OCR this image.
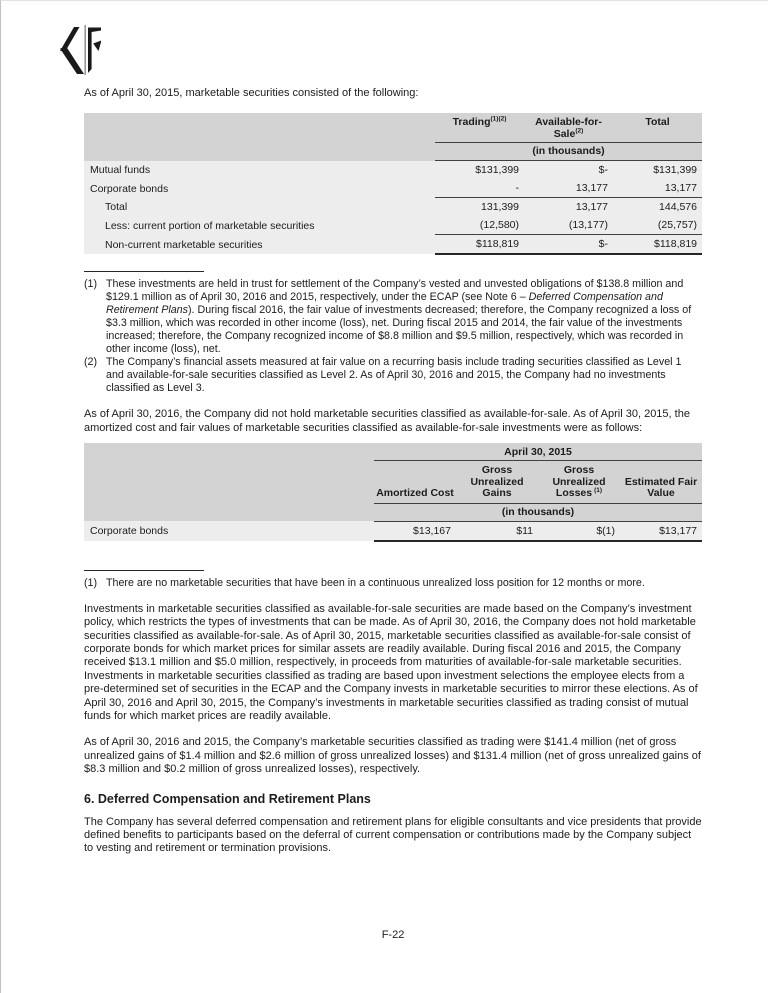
As of April 30, 2015, marketable securities consisted of the following:

	Trading$^{(1)(2)}$	Available-for-Sale$^{(2)}$	Total
	(in thousands)		
Mutual funds	$131,399	$-	$131,399
Corporate bonds	-	13,177	13,177
Total	131,399	13,177	144,576
Less: current portion of marketable securities	(12,580)	(13,177)	(25,757)
Non-current marketable securities	$118,819	$-	$118,819
(1) These investments are held in trust for settlement of the Company’s vested and unvested obligations of $138.8 million and $129.1 million as of April 30, 2016 and 2015, respectively, under the ECAP (see Note 6 – Deferred Compensation and Retirement Plans). During fiscal 2016, the fair value of investments decreased; therefore, the Company recognized a loss of $3.3 million, which was recorded in other income (loss), net. During fiscal 2015 and 2014, the fair value of the investments increased; therefore, the Company recognized income of $8.8 million and $9.5 million, respectively, which was recorded in other income (loss), net.
(2) The Company’s financial assets measured at fair value on a recurring basis include trading securities classified as Level 1 and available-for-sale securities classified as Level 2. As of April 30, 2016 and 2015, the Company had no investments classified as Level 3.

As of April 30, 2016, the Company did not hold marketable securities classified as available-for-sale. As of April 30, 2015, the amortized cost and fair values of marketable securities classified as available-for-sale investments were as follows:

	April 30, 2015			
	Amortized Cost	Gross Unrealized Gains	Gross Unrealized Losses $^{(1)}$	Estimated Fair Value
	(in thousands)			
Corporate bonds	$13,167	$11	$(1)	$13,177
(1) There are no marketable securities that have been in a continuous unrealized loss position for 12 months or more.

Investments in marketable securities classified as available-for-sale securities are made based on the Company’s investment policy, which restricts the types of investments that can be made. As of April 30, 2016, the Company does not hold marketable securities classified as available-for-sale. As of April 30, 2015, marketable securities classified as available-for-sale consist of corporate bonds for which market prices for similar assets are readily available. During fiscal 2016 and 2015, the Company received $13.1 million and $5.0 million, respectively, in proceeds from maturities of available-for-sale marketable securities. Investments in marketable securities classified as trading are based upon investment selections the employee elects from a pre-determined set of securities in the ECAP and the Company invests in marketable securities to mirror these elections. As of April 30, 2016 and April 30, 2015, the Company’s investments in marketable securities classified as trading consist of mutual funds for which market prices are readily available.

As of April 30, 2016 and 2015, the Company’s marketable securities classified as trading were $141.4 million (net of gross unrealized gains of $1.4 million and $2.6 million of gross unrealized losses) and $131.4 million (net of gross unrealized gains of $8.3 million and $0.2 million of gross unrealized losses), respectively.

6. Deferred Compensation and Retirement Plans

The Company has several deferred compensation and retirement plans for eligible consultants and vice presidents that provide defined benefits to participants based on the deferral of current compensation or contributions made by the Company subject to vesting and retirement or termination provisions.

F-22
